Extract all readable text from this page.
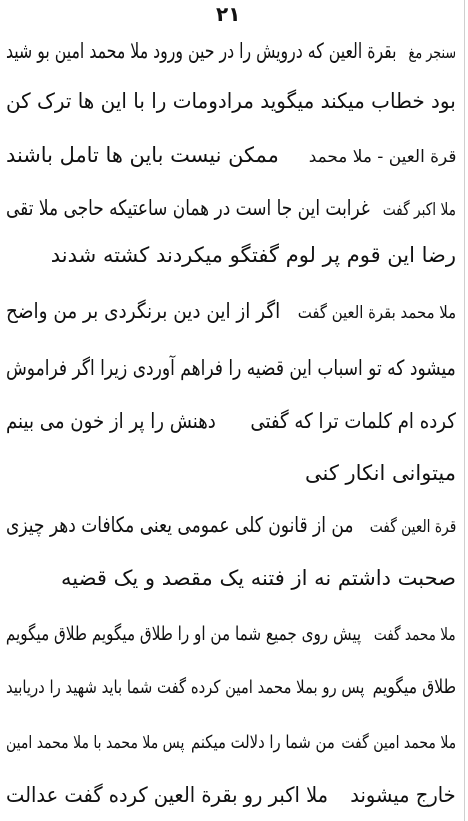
۲۱
سنجر مغبقرة العین که درویش را در حین ورود ملا محمد امین بو شید
بود خطاب میکند میگوید مرادومات را با این ها ترک کن
قرة العین - ملا محمدممکن نیست باین ها تامل باشند
ملا اکبر گفتغرابت این جا است در همان ساعتیکه حاجی ملا تقی
رضا این قوم پر لوم گفتگو میکردند کشته شدند
ملا محمد بقرة العین گفتاگر از این دین برنگردی بر من واضح
میشود که تو اسباب این قضیه را فراهم آوردی زیرا اگر فراموش
کرده ام کلمات ترا که گفتیدهنش را پر از خون می بینم
میتوانی انکار کنی
قرة العین گفتمن از قانون کلی عمومی یعنی مکافات دهر چیزی
صحبت داشتم نه از فتنه یک مقصد و یک قضیه
ملا محمد گفتپیش روی جمیع شما من او را طلاق میگویم طلاق میگویم
طلاق میگویمپس رو بملا محمد امین کرده گفت شما باید شهید را دریابید
ملا محمد امین گفتمن شما را دلالت میکنمپس ملا محمد با ملا محمد امین
خارج میشوندملا اکبر رو بقرة العین کرده گفت عدالت
